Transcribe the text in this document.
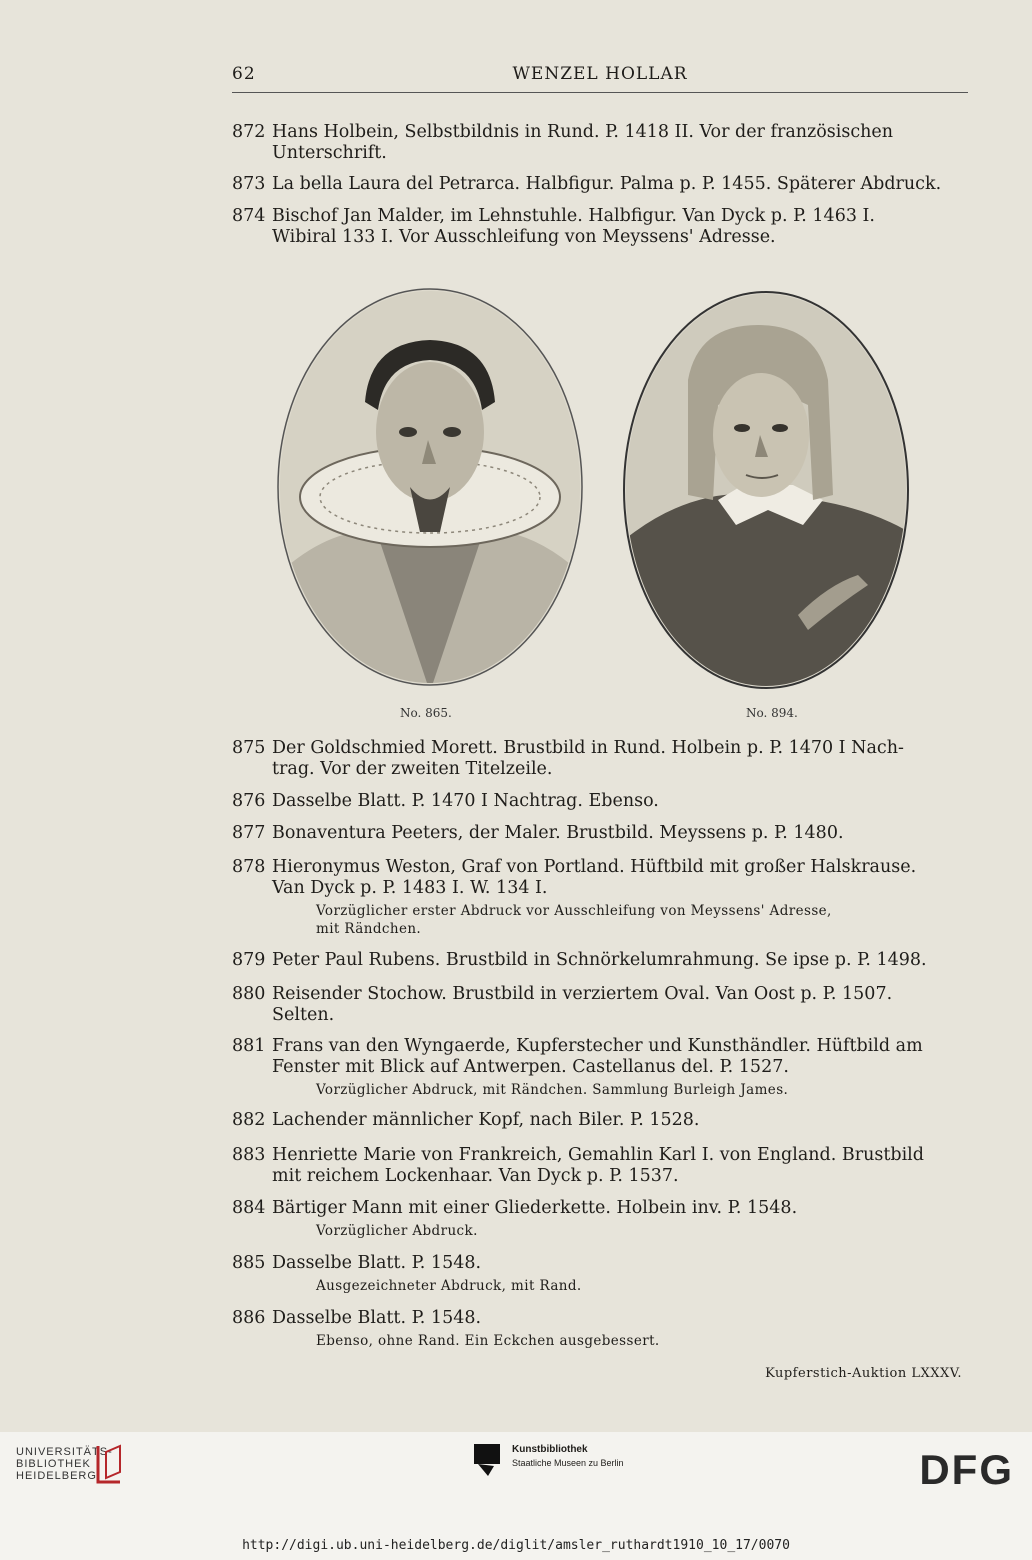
62	WENZEL HOLLAR
872 Hans Holbein, Selbstbildnis in Rund. P. 1418 II. Vor der französischen
Unterschrift.
873 La bella Laura del Petrarca. Halbfigur. Palma p. P. 1455. Späterer Abdruck.
874 Bischof Jan Malder, im Lehnstuhle. Halbfigur. Van Dyck p. P. 1463 I.
Wibiral 133 I. Vor Ausschleifung von Meyssens' Adresse.
No. 865.	No. 894.
875 Der Goldschmied Morett. Brustbild in Rund. Holbein p. P. 1470 I Nach-
trag. Vor der zweiten Titelzeile.
876 Dasselbe Blatt. P. 1470 I Nachtrag. Ebenso.
877 Bonaventura Peeters, der Maler. Brustbild. Meyssens p. P. 1480.
878 Hieronymus Weston, Graf von Portland. Hüftbild mit großer Halskrause.
Van Dyck p. P. 1483 I. W. 134 I.
Vorzüglicher erster Abdruck vor Ausschleifung von Meyssens' Adresse,
mit Rändchen.
879 Peter Paul Rubens. Brustbild in Schnörkelumrahmung. Se ipse p. P. 1498.
880 Reisender Stochow. Brustbild in verziertem Oval. Van Oost p. P. 1507.
Selten.
881 Frans van den Wyngaerde, Kupferstecher und Kunsthändler. Hüftbild am
Fenster mit Blick auf Antwerpen. Castellanus del. P. 1527.
Vorzüglicher Abdruck, mit Rändchen. Sammlung Burleigh James.
882 Lachender männlicher Kopf, nach Biler. P. 1528.
883 Henriette Marie von Frankreich, Gemahlin Karl I. von England. Brustbild
mit reichem Lockenhaar. Van Dyck p. P. 1537.
884 Bärtiger Mann mit einer Gliederkette. Holbein inv. P. 1548.
Vorzüglicher Abdruck.
885 Dasselbe Blatt. P. 1548.
Ausgezeichneter Abdruck, mit Rand.
886 Dasselbe Blatt. P. 1548.
Ebenso, ohne Rand. Ein Eckchen ausgebessert.
Kupferstich-Auktion LXXXV.
UNIVERSITÄTS-
BIBLIOTHEK
HEIDELBERG
Kunstbibliothek
Staatliche Museen zu Berlin	DFG
http://digi.ub.uni-heidelberg.de/diglit/amsler_ruthardt1910_10_17/0070
